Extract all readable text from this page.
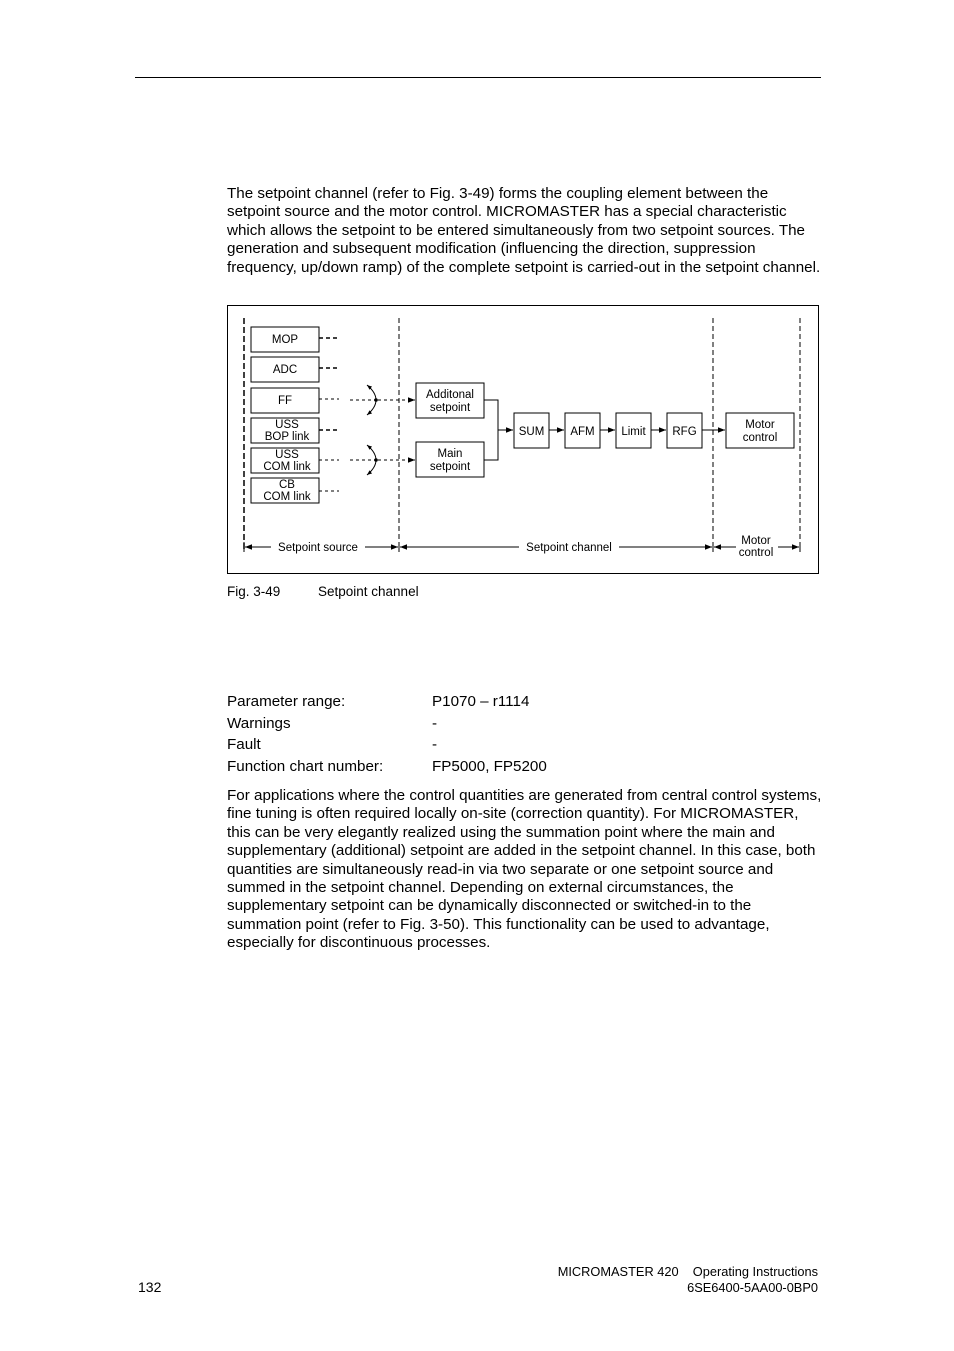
The setpoint channel (refer to Fig. 3-49) forms the coupling element between the setpoint source and the motor control. MICROMASTER has a special characteristic which allows the setpoint to be entered simultaneously from two setpoint sources. The generation and subsequent modification (influencing the direction, suppression frequency, up/down ramp) of the complete setpoint is carried-out in the setpoint channel.

MOP
ADC
FF
USS
BOP link
USS
COM link
CB
COM link
Additonal
setpoint
Main
setpoint
SUM AFM Limit RFG
Motor
control
Setpoint source	Setpoint channel
Motor
control
Fig. 3-49	Setpoint channel
Parameter range:	P1070 – r1114
Warnings	-
Fault	-
Function chart number:	FP5000, FP5200

For applications where the control quantities are generated from central control systems, fine tuning is often required locally on-site (correction quantity). For MICROMASTER, this can be very elegantly realized using the summation point where the main and supplementary (additional) setpoint are added in the setpoint channel. In this case, both quantities are simultaneously read-in via two separate or one setpoint source and summed in the setpoint channel. Depending on external circumstances, the supplementary setpoint can be dynamically disconnected or switched-in to the summation point (refer to Fig. 3-50). This functionality can be used to advantage, especially for discontinuous processes.

132
MICROMASTER 420    Operating Instructions
6SE6400-5AA00-0BP0
